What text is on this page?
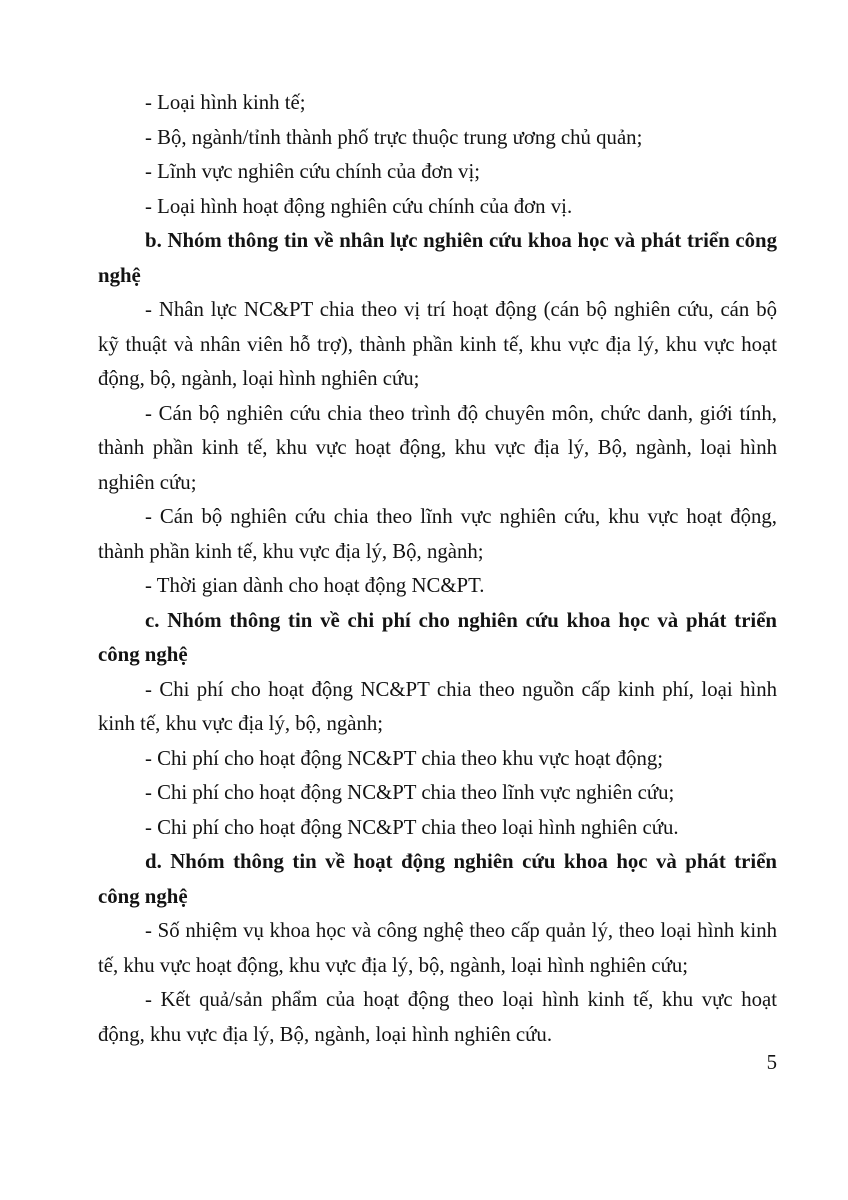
- Loại hình kinh tế;

- Bộ, ngành/tỉnh thành phố trực thuộc trung ương chủ quản;

- Lĩnh vực nghiên cứu chính của đơn vị;

- Loại hình hoạt động nghiên cứu chính của đơn vị.

b. Nhóm thông tin về nhân lực nghiên cứu khoa học và phát triển công nghệ

- Nhân lực NC&PT chia theo vị trí hoạt động (cán bộ nghiên cứu, cán bộ kỹ thuật và nhân viên hỗ trợ), thành phần kinh tế, khu vực địa lý, khu vực hoạt động, bộ, ngành, loại hình nghiên cứu;

- Cán bộ nghiên cứu chia theo trình độ chuyên môn, chức danh, giới tính, thành phần kinh tế, khu vực hoạt động, khu vực địa lý, Bộ, ngành, loại hình nghiên cứu;

- Cán bộ nghiên cứu chia theo lĩnh vực nghiên cứu, khu vực hoạt động, thành phần kinh tế, khu vực địa lý, Bộ, ngành;

- Thời gian dành cho hoạt động NC&PT.

c. Nhóm thông tin về chi phí cho nghiên cứu khoa học và phát triển công nghệ

- Chi phí cho hoạt động NC&PT chia theo nguồn cấp kinh phí, loại hình kinh tế, khu vực địa lý, bộ, ngành;

- Chi phí cho hoạt động NC&PT chia theo khu vực hoạt động;

- Chi phí cho hoạt động NC&PT chia theo lĩnh vực nghiên cứu;

- Chi phí cho hoạt động NC&PT chia theo loại hình nghiên cứu.

d. Nhóm thông tin về hoạt động nghiên cứu khoa học và phát triển công nghệ

- Số nhiệm vụ khoa học và công nghệ theo cấp quản lý, theo loại hình kinh tế, khu vực hoạt động, khu vực địa lý, bộ, ngành, loại hình nghiên cứu;

- Kết quả/sản phẩm của hoạt động theo loại hình kinh tế, khu vực hoạt động, khu vực địa lý, Bộ, ngành, loại hình nghiên cứu.

5
